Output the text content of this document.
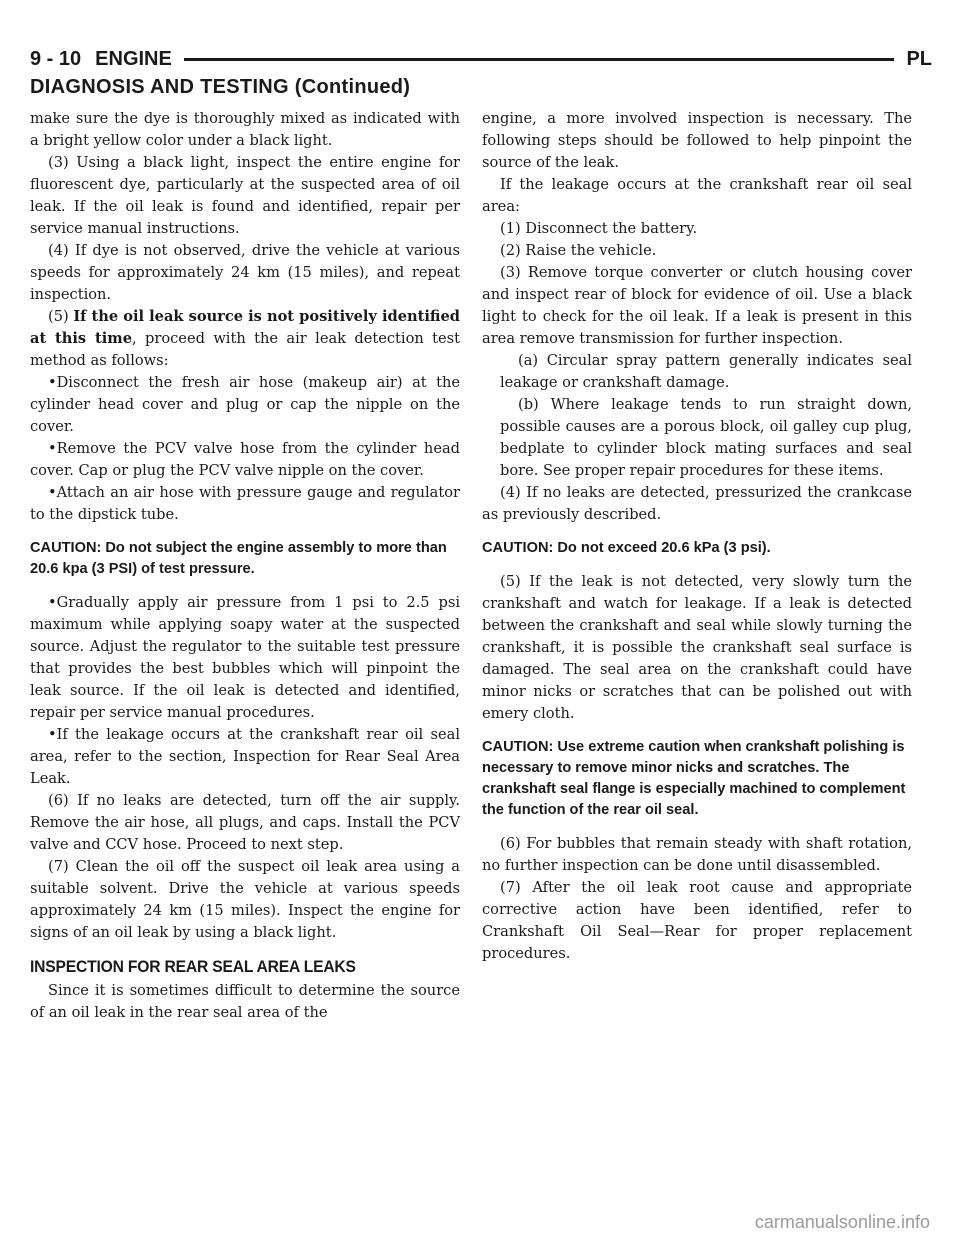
9 - 10 ENGINE	PL
DIAGNOSIS AND TESTING (Continued)

make sure the dye is thoroughly mixed as indicated with a bright yellow color under a black light.

(3) Using a black light, inspect the entire engine for fluorescent dye, particularly at the suspected area of oil leak. If the oil leak is found and identified, repair per service manual instructions.

(4) If dye is not observed, drive the vehicle at various speeds for approximately 24 km (15 miles), and repeat inspection.

(5) If the oil leak source is not positively identified at this time, proceed with the air leak detection test method as follows:

•Disconnect the fresh air hose (makeup air) at the cylinder head cover and plug or cap the nipple on the cover.

•Remove the PCV valve hose from the cylinder head cover. Cap or plug the PCV valve nipple on the cover.

•Attach an air hose with pressure gauge and regulator to the dipstick tube.

CAUTION: Do not subject the engine assembly to more than 20.6 kpa (3 PSI) of test pressure.

•Gradually apply air pressure from 1 psi to 2.5 psi maximum while applying soapy water at the suspected source. Adjust the regulator to the suitable test pressure that provides the best bubbles which will pinpoint the leak source. If the oil leak is detected and identified, repair per service manual procedures.

•If the leakage occurs at the crankshaft rear oil seal area, refer to the section, Inspection for Rear Seal Area Leak.

(6) If no leaks are detected, turn off the air supply. Remove the air hose, all plugs, and caps. Install the PCV valve and CCV hose. Proceed to next step.

(7) Clean the oil off the suspect oil leak area using a suitable solvent. Drive the vehicle at various speeds approximately 24 km (15 miles). Inspect the engine for signs of an oil leak by using a black light.

INSPECTION FOR REAR SEAL AREA LEAKS

Since it is sometimes difficult to determine the source of an oil leak in the rear seal area of the

engine, a more involved inspection is necessary. The following steps should be followed to help pinpoint the source of the leak.

If the leakage occurs at the crankshaft rear oil seal area:

(1) Disconnect the battery.

(2) Raise the vehicle.

(3) Remove torque converter or clutch housing cover and inspect rear of block for evidence of oil. Use a black light to check for the oil leak. If a leak is present in this area remove transmission for further inspection.

(a) Circular spray pattern generally indicates seal leakage or crankshaft damage.

(b) Where leakage tends to run straight down, possible causes are a porous block, oil galley cup plug, bedplate to cylinder block mating surfaces and seal bore. See proper repair procedures for these items.

(4) If no leaks are detected, pressurized the crankcase as previously described.

CAUTION: Do not exceed 20.6 kPa (3 psi).

(5) If the leak is not detected, very slowly turn the crankshaft and watch for leakage. If a leak is detected between the crankshaft and seal while slowly turning the crankshaft, it is possible the crankshaft seal surface is damaged. The seal area on the crankshaft could have minor nicks or scratches that can be polished out with emery cloth.

CAUTION: Use extreme caution when crankshaft polishing is necessary to remove minor nicks and scratches. The crankshaft seal flange is especially machined to complement the function of the rear oil seal.

(6) For bubbles that remain steady with shaft rotation, no further inspection can be done until disassembled.

(7) After the oil leak root cause and appropriate corrective action have been identified, refer to Crankshaft Oil Seal—Rear for proper replacement procedures.

carmanualsonline.info
